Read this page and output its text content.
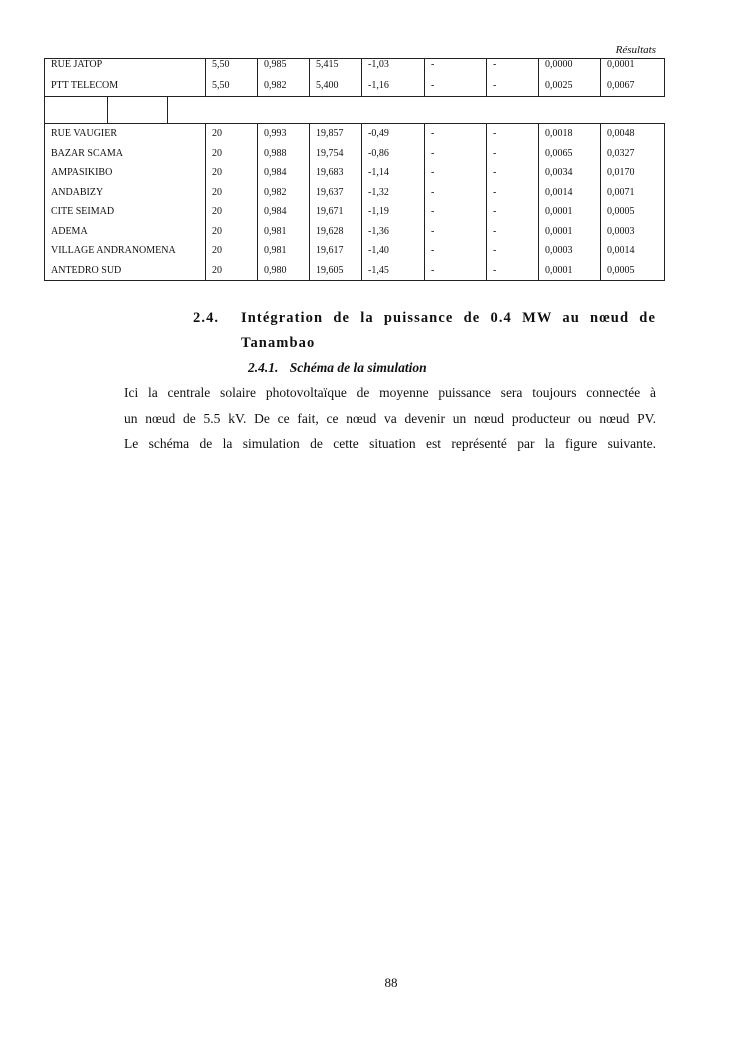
Résultats
RUE JATOP	5,50	0,985	5,415	-1,03	-	-	0,0000	0,0001
PTT TELECOM	5,50	0,982	5,400	-1,16	-	-	0,0025	0,0067
RUE VAUGIER	20	0,993	19,857	-0,49	-	-	0,0018	0,0048
BAZAR SCAMA	20	0,988	19,754	-0,86	-	-	0,0065	0,0327
AMPASIKIBO	20	0,984	19,683	-1,14	-	-	0,0034	0,0170
ANDABIZY	20	0,982	19,637	-1,32	-	-	0,0014	0,0071
CITE SEIMAD	20	0,984	19,671	-1,19	-	-	0,0001	0,0005
ADEMA	20	0,981	19,628	-1,36	-	-	0,0001	0,0003
VILLAGE ANDRANOMENA	20	0,981	19,617	-1,40	-	-	0,0003	0,0014
ANTEDRO SUD	20	0,980	19,605	-1,45	-	-	0,0001	0,0005
2.4. Intégration de la puissance de 0.4 MW au nœud de Tanambao
2.4.1. Schéma de la simulation
Ici la centrale solaire photovoltaïque de moyenne puissance sera toujours connectée à
un nœud de 5.5 kV. De ce fait, ce nœud va devenir un nœud producteur ou nœud PV.
Le schéma de la simulation de cette situation est représenté par la figure suivante.
88
